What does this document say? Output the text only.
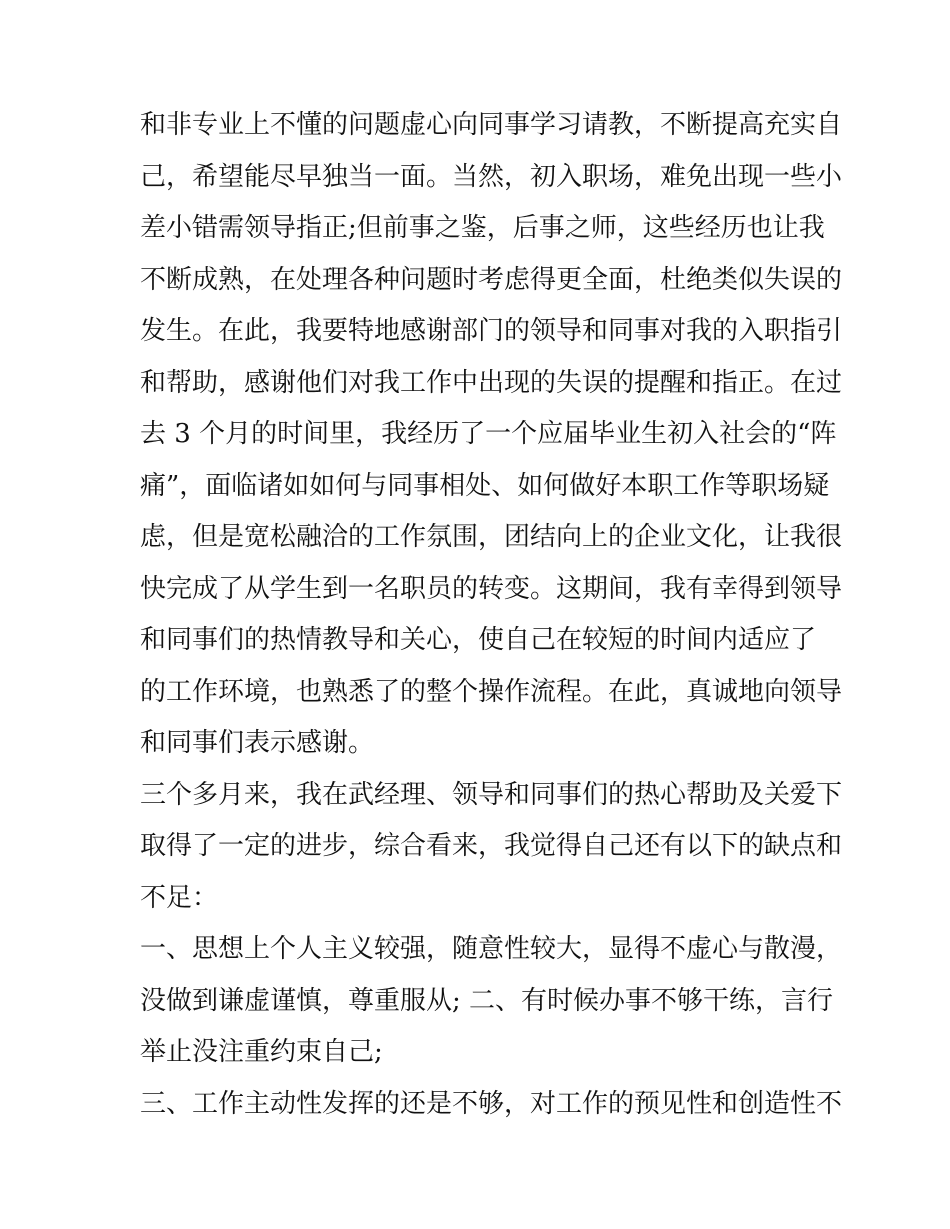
和非专业上不懂的问题虚心向同事学习请教，不断提高充实自
己，希望能尽早独当一面。当然，初入职场，难免出现一些小
差小错需领导指正;但前事之鉴，后事之师，这些经历也让我
不断成熟，在处理各种问题时考虑得更全面，杜绝类似失误的
发生。在此，我要特地感谢部门的领导和同事对我的入职指引
和帮助，感谢他们对我工作中出现的失误的提醒和指正。在过
去 3 个月的时间里，我经历了一个应届毕业生初入社会的“阵
痛”，面临诸如如何与同事相处、如何做好本职工作等职场疑
虑，但是宽松融洽的工作氛围，团结向上的企业文化，让我很
快完成了从学生到一名职员的转变。这期间，我有幸得到领导
和同事们的热情教导和关心，使自己在较短的时间内适应了
的工作环境，也熟悉了的整个操作流程。在此，真诚地向领导
和同事们表示感谢。
三个多月来，我在武经理、领导和同事们的热心帮助及关爱下
取得了一定的进步，综合看来，我觉得自己还有以下的缺点和
不足：
一、思想上个人主义较强，随意性较大，显得不虚心与散漫，
没做到谦虚谨慎，尊重服从; 二、有时候办事不够干练，言行
举止没注重约束自己;
三、工作主动性发挥的还是不够，对工作的预见性和创造性不
